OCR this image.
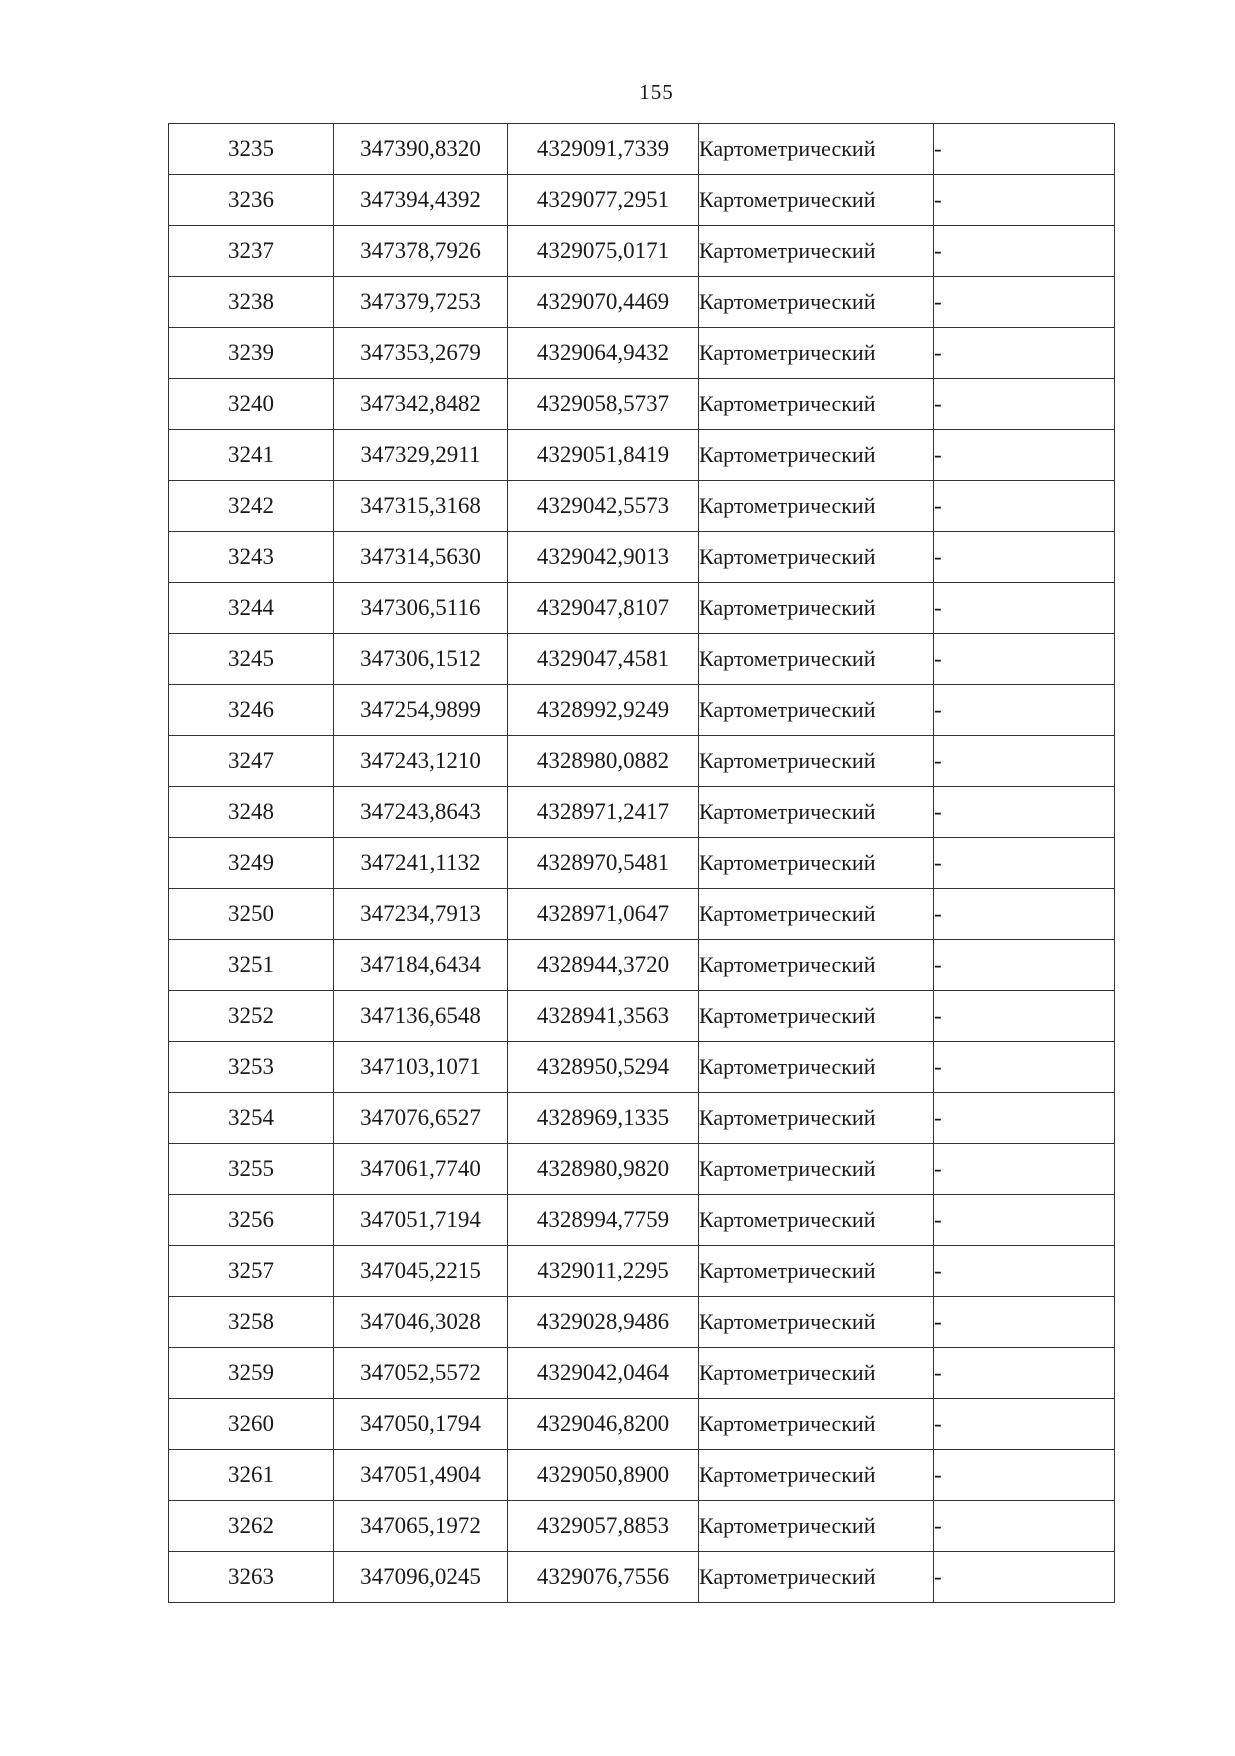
155
3235	347390,8320	4329091,7339	Картометрический	-
3236	347394,4392	4329077,2951	Картометрический	-
3237	347378,7926	4329075,0171	Картометрический	-
3238	347379,7253	4329070,4469	Картометрический	-
3239	347353,2679	4329064,9432	Картометрический	-
3240	347342,8482	4329058,5737	Картометрический	-
3241	347329,2911	4329051,8419	Картометрический	-
3242	347315,3168	4329042,5573	Картометрический	-
3243	347314,5630	4329042,9013	Картометрический	-
3244	347306,5116	4329047,8107	Картометрический	-
3245	347306,1512	4329047,4581	Картометрический	-
3246	347254,9899	4328992,9249	Картометрический	-
3247	347243,1210	4328980,0882	Картометрический	-
3248	347243,8643	4328971,2417	Картометрический	-
3249	347241,1132	4328970,5481	Картометрический	-
3250	347234,7913	4328971,0647	Картометрический	-
3251	347184,6434	4328944,3720	Картометрический	-
3252	347136,6548	4328941,3563	Картометрический	-
3253	347103,1071	4328950,5294	Картометрический	-
3254	347076,6527	4328969,1335	Картометрический	-
3255	347061,7740	4328980,9820	Картометрический	-
3256	347051,7194	4328994,7759	Картометрический	-
3257	347045,2215	4329011,2295	Картометрический	-
3258	347046,3028	4329028,9486	Картометрический	-
3259	347052,5572	4329042,0464	Картометрический	-
3260	347050,1794	4329046,8200	Картометрический	-
3261	347051,4904	4329050,8900	Картометрический	-
3262	347065,1972	4329057,8853	Картометрический	-
3263	347096,0245	4329076,7556	Картометрический	-
